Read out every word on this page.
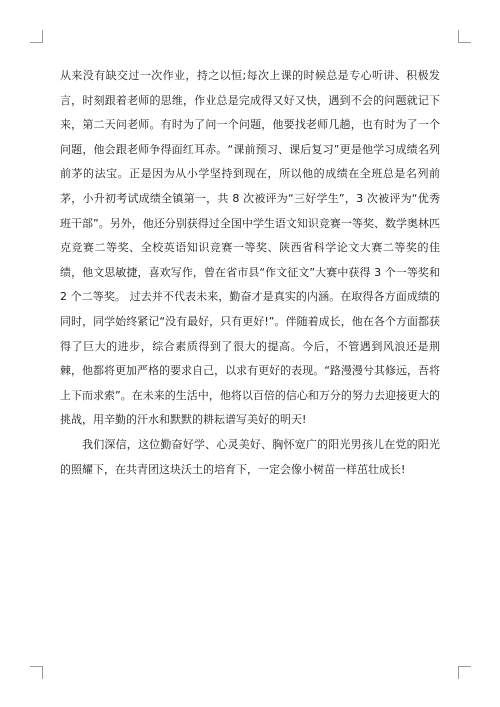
从来没有缺交过一次作业，持之以恒;每次上课的时候总是专心听讲、积极发言，时刻跟着老师的思维，作业总是完成得又好又快，遇到不会的问题就记下来，第二天问老师。有时为了问一个问题，他要找老师几趟，也有时为了一个问题，他会跟老师争得面红耳赤。“课前预习、课后复习”更是他学习成绩名列前茅的法宝。正是因为从小学坚持到现在，所以他的成绩在全班总是名列前茅，小升初考试成绩全镇第一，共 8 次被评为“三好学生”，3 次被评为“优秀班干部”。另外，他还分别获得过全国中学生语文知识竞赛一等奖、数学奥林匹克竞赛二等奖、全校英语知识竞赛一等奖、陕西省科学论文大赛二等奖的佳绩，他文思敏捷，喜欢写作，曾在省市县“作文征文”大赛中获得 3 个一等奖和 2 个二等奖。 过去并不代表未来，勤奋才是真实的内涵。在取得各方面成绩的同时，同学始终紧记“没有最好，只有更好!”。伴随着成长，他在各个方面都获得了巨大的进步，综合素质得到了很大的提高。今后，不管遇到风浪还是荆棘，他都将更加严格的要求自己，以求有更好的表现。“路漫漫兮其修远，吾将上下而求索”。在未来的生活中，他将以百倍的信心和万分的努力去迎接更大的挑战，用辛勤的汗水和默默的耕耘谱写美好的明天!

我们深信，这位勤奋好学、心灵美好、胸怀宽广的阳光男孩儿在党的阳光的照耀下，在共青团这块沃土的培育下，一定会像小树苗一样茁壮成长!
